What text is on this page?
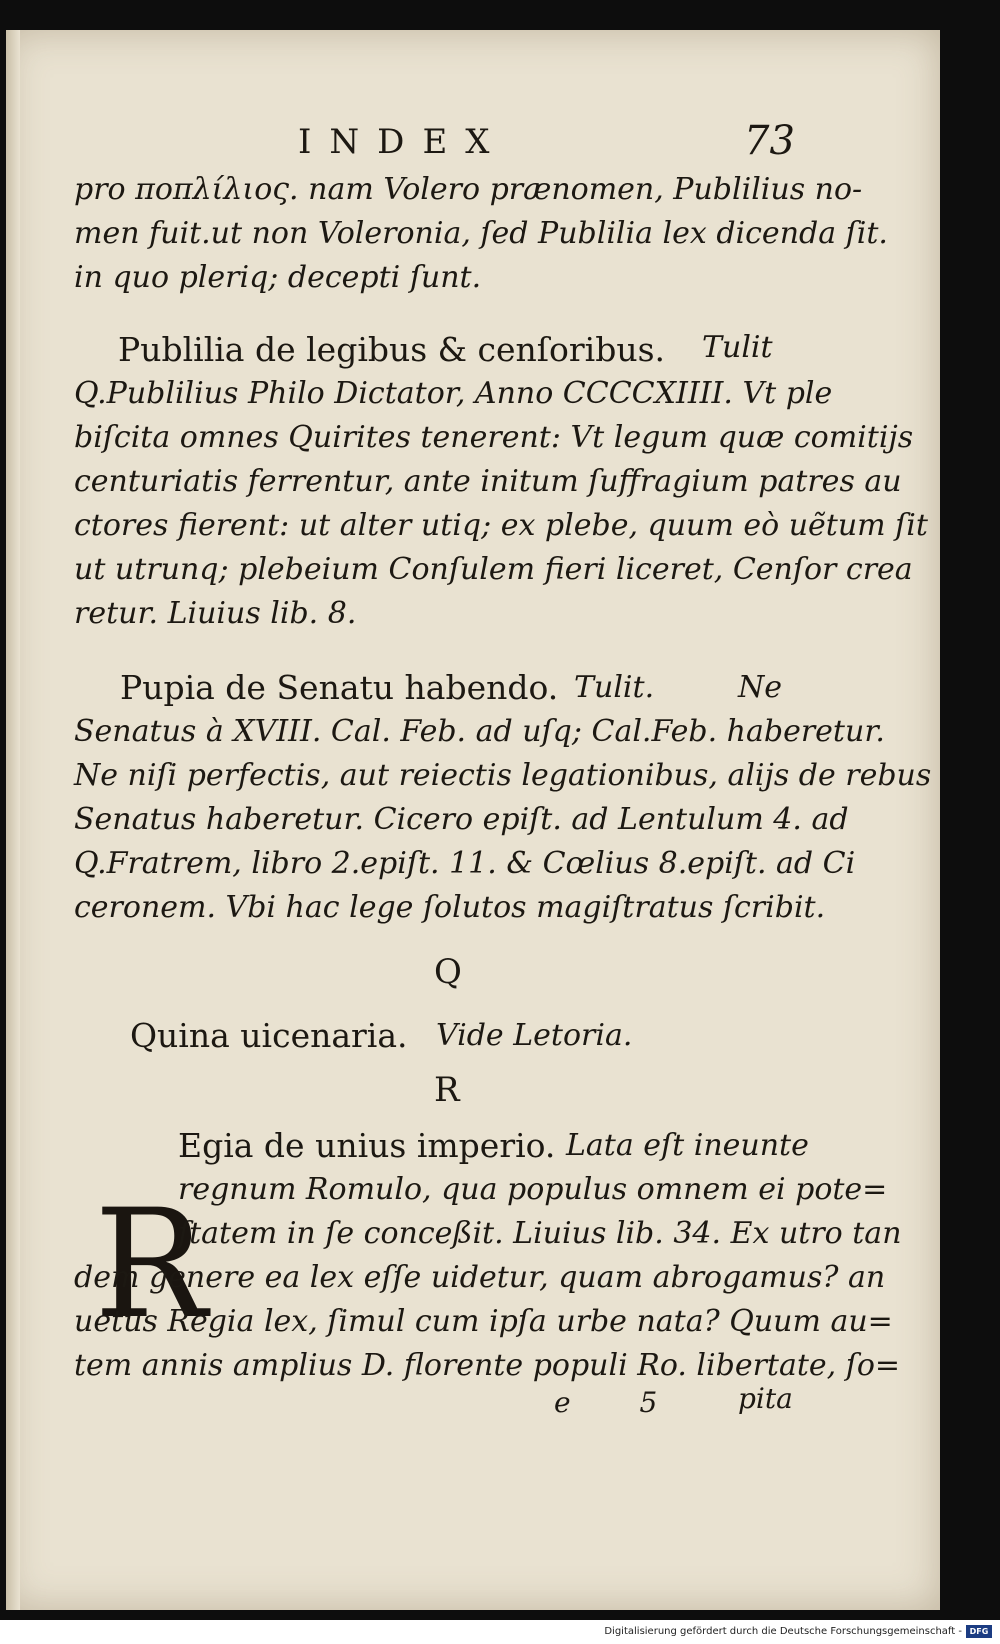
INDEX	73
pro ποπλίλιος. nam Volero prænomen, Publilius no-
men fuit.ut non Voleronia, ſed Publilia lex dicenda ſit.
in quo pleriq; decepti ſunt.
Publilia de legibus & cenſoribus. Tulit
Q.Publilius Philo Dictator, Anno CCCCXIIII. Vt ple
biſcita omnes Quirites tenerent: Vt legum quæ comitijs
centuriatis ferrentur, ante initum ſuffragium patres au
ctores fierent: ut alter utiq; ex plebe, quum eò uẽtum ſit
ut utrunq; plebeium Conſulem fieri liceret, Cenſor crea
retur. Liuius lib. 8.
Pupia de Senatu habendo. Tulit.	Ne
Senatus à XVIII. Cal. Feb. ad uſq; Cal.Feb. haberetur.
Ne niſi perfectis, aut reiectis legationibus, alijs de rebus
Senatus haberetur. Cicero epiſt. ad Lentulum 4. ad
Q.Fratrem, libro 2.epiſt. 11. & Cœlius 8.epiſt. ad Ci
ceronem. Vbi hac lege ſolutos magiſtratus ſcribit.
Q
Quina uicenaria. Vide Letoria.
R
R
Egia de unius imperio. Lata eſt ineunte
regnum Romulo, qua populus omnem ei pote=
ſtatem in ſe conceßit. Liuius lib. 34. Ex utro tan
dem genere ea lex eſſe uidetur, quam abrogamus? an
uetus Regia lex, ſimul cum ipſa urbe nata? Quum au=
tem annis amplius D. florente populi Ro. libertate, ſo=
e 5 pita
Digitalisierung gefördert durch die Deutsche Forschungsgemeinschaft - DFG
